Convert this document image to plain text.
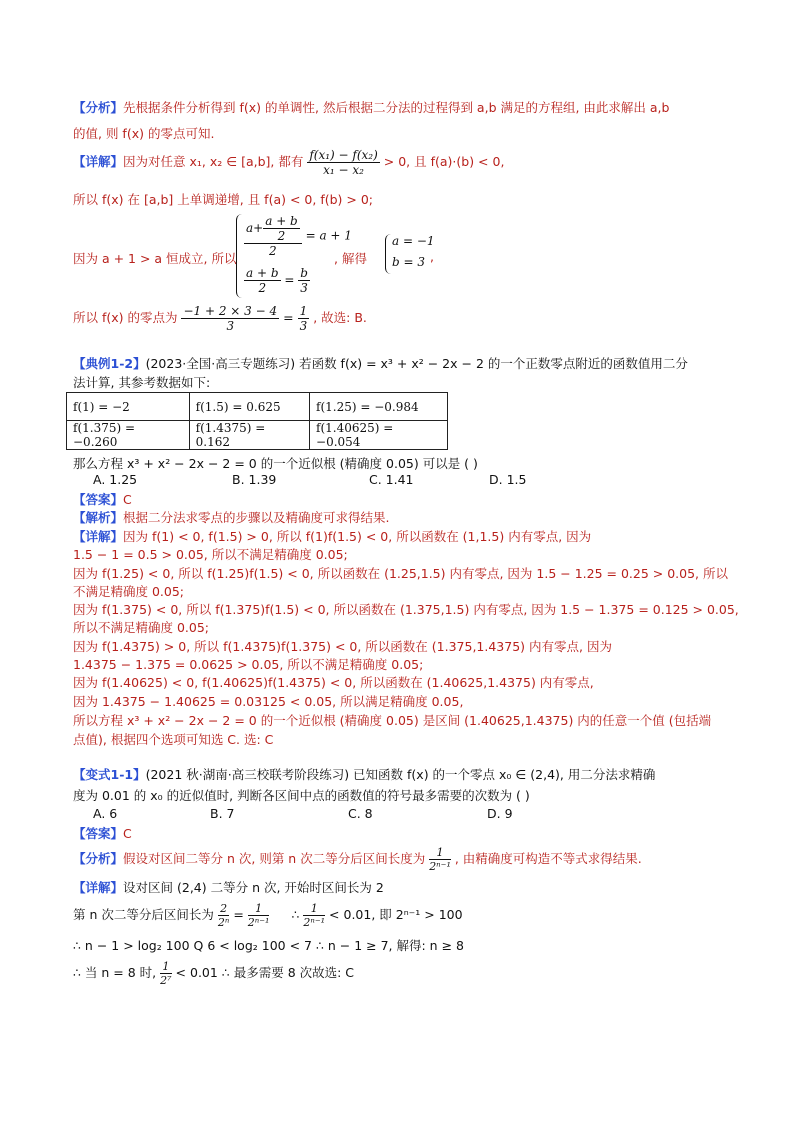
【分析】先根据条件分析得到 f(x) 的单调性, 然后根据二分法的过程得到 a,b 满足的方程组, 由此求解出 a,b
的值, 则 f(x) 的零点可知.
【详解】因为对任意 x₁, x₂ ∈ [a,b], 都有 $\frac{\text{f(x₁) − f(x₂)}}{\text{x₁ − x₂}} > 0$, 且 f(a)·(b) < 0,
所以 f(x) 在 [a,b] 上单调递增, 且 f(a) < 0, f(b) > 0;
因为 a + 1 > a 恒成立, 所以
$\frac{a+ \frac{a + b}{2}}{2} = a + 1$
$\frac{a + b}{2} = \frac{b}{3}$
, 解得
a = −1
b = 3 ,
所以 f(x) 的零点为 $\frac{-1 + 2 \times 3 - 4}{3} = \frac{1}{3}$ , 故选: B.
【典例1-2】(2023·全国·高三专题练习) 若函数 f(x) = x³ + x² − 2x − 2 的一个正数零点附近的函数值用二分
法计算, 其参考数据如下:
f(1) = −2	f(1.5) = 0.625	f(1.25) = −0.984
f(1.375) = −0.260	f(1.4375) = 0.162	f(1.40625) = −0.054
那么方程 x³ + x² − 2x − 2 = 0 的一个近似根 (精确度 0.05) 可以是 ( )
A. 1.25	B. 1.39	C. 1.41	D. 1.5
【答案】C
【解析】根据二分法求零点的步骤以及精确度可求得结果.
【详解】因为 f(1) < 0, f(1.5) > 0, 所以 f(1)f(1.5) < 0, 所以函数在 (1,1.5) 内有零点, 因为
1.5 − 1 = 0.5 > 0.05, 所以不满足精确度 0.05;
因为 f(1.25) < 0, 所以 f(1.25)f(1.5) < 0, 所以函数在 (1.25,1.5) 内有零点, 因为 1.5 − 1.25 = 0.25 > 0.05, 所以
不满足精确度 0.05;
因为 f(1.375) < 0, 所以 f(1.375)f(1.5) < 0, 所以函数在 (1.375,1.5) 内有零点, 因为 1.5 − 1.375 = 0.125 > 0.05,
所以不满足精确度 0.05;
因为 f(1.4375) > 0, 所以 f(1.4375)f(1.375) < 0, 所以函数在 (1.375,1.4375) 内有零点, 因为
1.4375 − 1.375 = 0.0625 > 0.05, 所以不满足精确度 0.05;
因为 f(1.40625) < 0, f(1.40625)f(1.4375) < 0, 所以函数在 (1.40625,1.4375) 内有零点,
因为 1.4375 − 1.40625 = 0.03125 < 0.05, 所以满足精确度 0.05,
所以方程 x³ + x² − 2x − 2 = 0 的一个近似根 (精确度 0.05) 是区间 (1.40625,1.4375) 内的任意一个值 (包括端
点值), 根据四个选项可知选 C. 选: C
【变式1-1】(2021 秋·湖南·高三校联考阶段练习) 已知函数 f(x) 的一个零点 x₀ ∈ (2,4), 用二分法求精确
度为 0.01 的 x₀ 的近似值时, 判断各区间中点的函数值的符号最多需要的次数为 ( )
A. 6	B. 7	C. 8	D. 9
【答案】C
【分析】假设对区间二等分 n 次, 则第 n 次二等分后区间长度为 $\frac{1}{\text{2ⁿ⁻¹}}$ , 由精确度可构造不等式求得结果.
【详解】设对区间 (2,4) 二等分 n 次, 开始时区间长为 2
第 n 次二等分后区间长为 $\frac{2}{\text{2ⁿ}} = \frac{1}{\text{2ⁿ⁻¹}}$ ∴ $\frac{1}{\text{2ⁿ⁻¹}} < 0.01$, 即 2ⁿ⁻¹ > 100
∴ n − 1 > log₂ 100 Q 6 < log₂ 100 < 7 ∴ n − 1 ≥ 7, 解得: n ≥ 8
∴ 当 n = 8 时, $\frac{1}{\text{2⁷}} < 0.01$ ∴ 最多需要 8 次故选: C
